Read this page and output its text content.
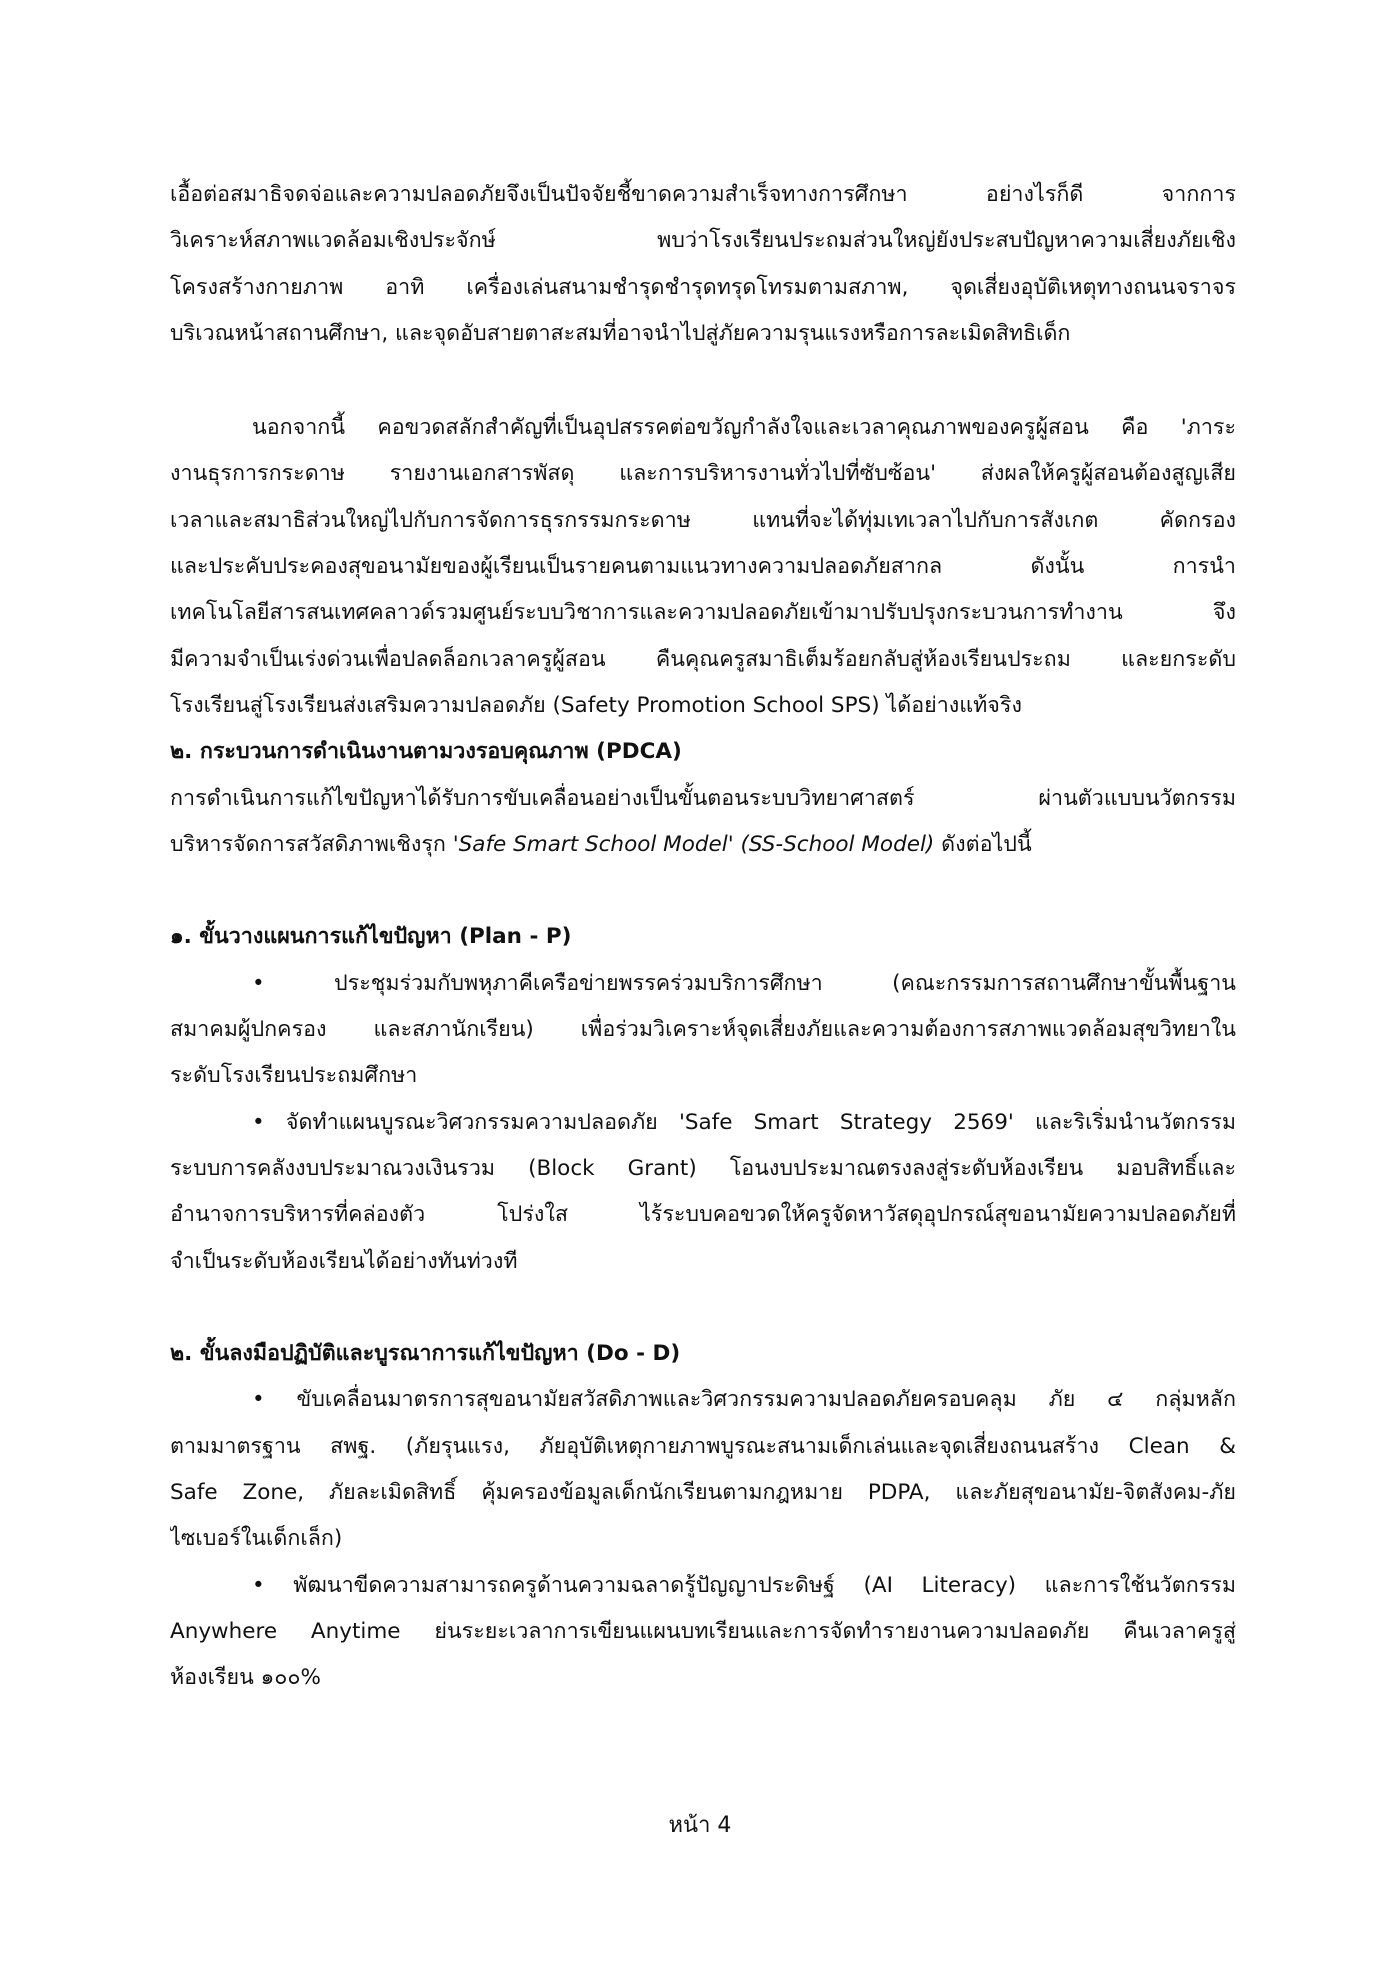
เอื้อต่อสมาธิจดจ่อและความปลอดภัยจึงเป็นปัจจัยชี้ขาดความสำเร็จทางการศึกษา อย่างไรก็ดี จากการ
วิเคราะห์สภาพแวดล้อมเชิงประจักษ์ พบว่าโรงเรียนประถมส่วนใหญ่ยังประสบปัญหาความเสี่ยงภัยเชิง
โครงสร้างกายภาพ อาทิ เครื่องเล่นสนามชำรุดชำรุดทรุดโทรมตามสภาพ, จุดเสี่ยงอุบัติเหตุทางถนนจราจร
บริเวณหน้าสถานศึกษา, และจุดอับสายตาสะสมที่อาจนำไปสู่ภัยความรุนแรงหรือการละเมิดสิทธิเด็ก
นอกจากนี้ คอขวดสลักสำคัญที่เป็นอุปสรรคต่อขวัญกำลังใจและเวลาคุณภาพของครูผู้สอน คือ 'ภาระ
งานธุรการกระดาษ รายงานเอกสารพัสดุ และการบริหารงานทั่วไปที่ซับซ้อน' ส่งผลให้ครูผู้สอนต้องสูญเสีย
เวลาและสมาธิส่วนใหญ่ไปกับการจัดการธุรกรรมกระดาษ แทนที่จะได้ทุ่มเทเวลาไปกับการสังเกต คัดกรอง
และประคับประคองสุขอนามัยของผู้เรียนเป็นรายคนตามแนวทางความปลอดภัยสากล ดังนั้น การนำ
เทคโนโลยีสารสนเทศคลาวด์รวมศูนย์ระบบวิชาการและความปลอดภัยเข้ามาปรับปรุงกระบวนการทำงาน จึง
มีความจำเป็นเร่งด่วนเพื่อปลดล็อกเวลาครูผู้สอน คืนคุณครูสมาธิเต็มร้อยกลับสู่ห้องเรียนประถม และยกระดับ
โรงเรียนสู่โรงเรียนส่งเสริมความปลอดภัย (Safety Promotion School SPS) ได้อย่างแท้จริง
๒. กระบวนการดำเนินงานตามวงรอบคุณภาพ (PDCA)
การดำเนินการแก้ไขปัญหาได้รับการขับเคลื่อนอย่างเป็นขั้นตอนระบบวิทยาศาสตร์ ผ่านตัวแบบนวัตกรรม
บริหารจัดการสวัสดิภาพเชิงรุก 'Safe Smart School Model' (SS-School Model) ดังต่อไปนี้
๑. ขั้นวางแผนการแก้ไขปัญหา (Plan - P)
• ประชุมร่วมกับพหุภาคีเครือข่ายพรรคร่วมบริการศึกษา (คณะกรรมการสถานศึกษาขั้นพื้นฐาน
สมาคมผู้ปกครอง และสภานักเรียน) เพื่อร่วมวิเคราะห์จุดเสี่ยงภัยและความต้องการสภาพแวดล้อมสุขวิทยาใน
ระดับโรงเรียนประถมศึกษา
• จัดทำแผนบูรณะวิศวกรรมความปลอดภัย 'Safe Smart Strategy 2569' และริเริ่มนำนวัตกรรม
ระบบการคลังงบประมาณวงเงินรวม (Block Grant) โอนงบประมาณตรงลงสู่ระดับห้องเรียน มอบสิทธิ์และ
อำนาจการบริหารที่คล่องตัว โปร่งใส ไร้ระบบคอขวดให้ครูจัดหาวัสดุอุปกรณ์สุขอนามัยความปลอดภัยที่
จำเป็นระดับห้องเรียนได้อย่างทันท่วงที
๒. ขั้นลงมือปฏิบัติและบูรณาการแก้ไขปัญหา (Do - D)
• ขับเคลื่อนมาตรการสุขอนามัยสวัสดิภาพและวิศวกรรมความปลอดภัยครอบคลุม ภัย ๔ กลุ่มหลัก
ตามมาตรฐาน สพฐ. (ภัยรุนแรง, ภัยอุบัติเหตุกายภาพบูรณะสนามเด็กเล่นและจุดเสี่ยงถนนสร้าง Clean &
Safe Zone, ภัยละเมิดสิทธิ์ คุ้มครองข้อมูลเด็กนักเรียนตามกฎหมาย PDPA, และภัยสุขอนามัย-จิตสังคม-ภัย
ไซเบอร์ในเด็กเล็ก)
• พัฒนาขีดความสามารถครูด้านความฉลาดรู้ปัญญาประดิษฐ์ (AI Literacy) และการใช้นวัตกรรม
Anywhere Anytime ย่นระยะเวลาการเขียนแผนบทเรียนและการจัดทำรายงานความปลอดภัย คืนเวลาครูสู่
ห้องเรียน ๑๐๐%
หน้า 4
